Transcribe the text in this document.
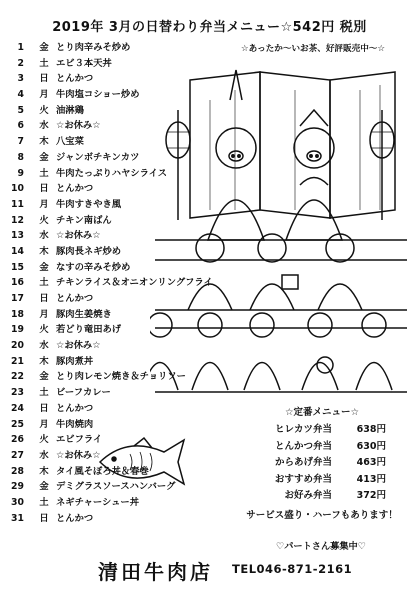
2019年 3月の日替わり弁当メニュー☆542円 税別
1 金 とり肉辛みそ炒め
2 土 エビ３本天丼
3 日 とんかつ
4 月 牛肉塩コショー炒め
5 火 油淋鶏
6 水 ☆お休み☆
7 木 八宝菜
8 金 ジャンボチキンカツ
9 土 牛肉たっぷりハヤシライス
10 日 とんかつ
11 月 牛肉すきやき風
12 火 チキン南ばん
13 水 ☆お休み☆
14 木 豚肉長ネギ炒め
15 金 なすの辛みそ炒め
16 土 チキンライス＆オニオンリングフライ
17 日 とんかつ
18 月 豚肉生姜焼き
19 火 若どり竜田あげ
20 水 ☆お休み☆
21 木 豚肉煮丼
22 金 とり肉レモン焼き＆チョリソー
23 土 ビーフカレー
24 日 とんかつ
25 月 牛肉焼肉
26 火 エビフライ
27 水 ☆お休み☆
28 木 タイ風そぼろ丼＆春巻
29 金 デミグラスソースハンバーグ
30 土 ネギチャーシュー丼
31 日 とんかつ
☆あったか〜いお茶、好評販売中〜☆
☆定番メニュー☆
ヒレカツ弁当	638円
とんかつ弁当	630円
からあげ弁当	463円
おすすめ弁当	413円
お好み弁当	372円
サービス盛り・ハーフもあります！
♡パートさん募集中♡
清田牛肉店 TEL046-871-2161
